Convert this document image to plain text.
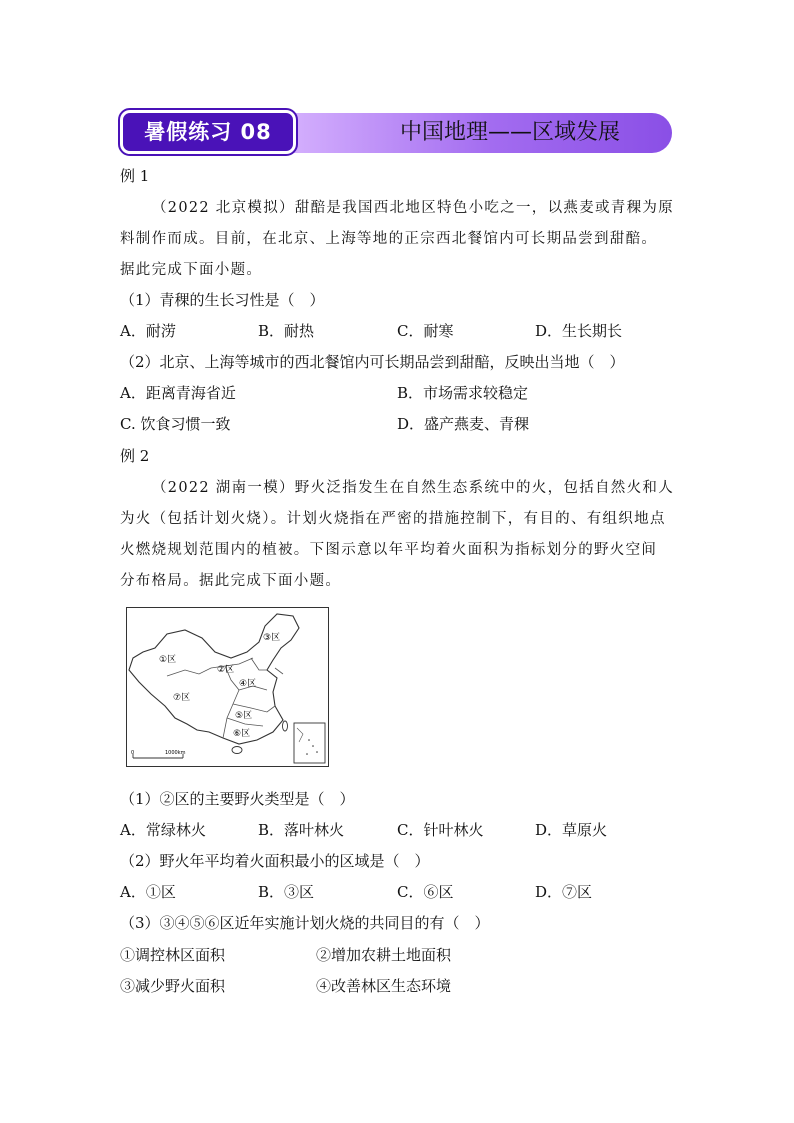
暑假练习 08	中国地理——区域发展
例 1
（2022 北京模拟）甜醅是我国西北地区特色小吃之一，以燕麦或青稞为原
料制作而成。目前，在北京、上海等地的正宗西北餐馆内可长期品尝到甜醅。
据此完成下面小题。
（1）青稞的生长习性是（　）
A．耐涝	B．耐热	C．耐寒	D．生长期长
（2）北京、上海等城市的西北餐馆内可长期品尝到甜醅，反映出当地（　）
A．距离青海省近	B．市场需求较稳定
C. 饮食习惯一致	D．盛产燕麦、青稞
例 2
（2022 湖南一模）野火泛指发生在自然生态系统中的火，包括自然火和人
为火（包括计划火烧）。计划火烧指在严密的措施控制下，有目的、有组织地点
火燃烧规划范围内的植被。下图示意以年平均着火面积为指标划分的野火空间
分布格局。据此完成下面小题。
①区
②区
③区
④区
⑤区
⑥区
⑦区
0	1000km
（1）②区的主要野火类型是（　）
A．常绿林火	B．落叶林火	C．针叶林火	D．草原火
（2）野火年平均着火面积最小的区域是（　）
A．①区	B．③区	C．⑥区	D．⑦区
（3）③④⑤⑥区近年实施计划火烧的共同目的有（　）
①调控林区面积	②增加农耕土地面积
③减少野火面积	④改善林区生态环境
